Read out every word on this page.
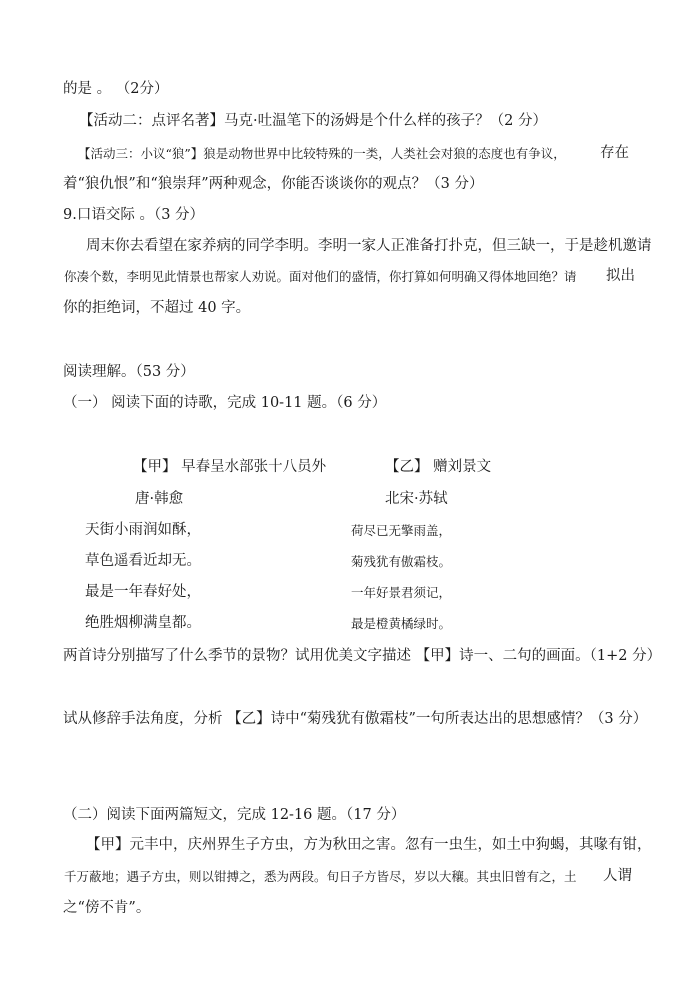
的是 。 （2分）
【活动二：点评名著】马克·吐温笔下的汤姆是个什么样的孩子？（2 分）
【活动三：小议“狼”】狼是动物世界中比较特殊的一类，人类社会对狼的态度也有争议， 存在
着“狼仇恨”和“狼崇拜”两种观念，你能否谈谈你的观点？（3 分）
9.口语交际 。（3 分）
周末你去看望在家养病的同学李明。李明一家人正准备打扑克，但三缺一，于是趁机邀请
你凑个数，李明见此情景也帮家人劝说。面对他们的盛情，你打算如何明确又得体地回绝？请 拟出
你的拒绝词，不超过 40 字。
阅读理解。（53 分）
（一） 阅读下面的诗歌，完成 10-11 题。（6 分）
【甲】 早春呈水部张十八员外	【乙】 赠刘景文
唐·韩愈	北宋·苏轼
天街小雨润如酥，	荷尽已无擎雨盖，
草色遥看近却无。	菊残犹有傲霜枝。
最是一年春好处，	一年好景君须记，
绝胜烟柳满皇都。	最是橙黄橘绿时。
两首诗分别描写了什么季节的景物？试用优美文字描述 【甲】诗一、二句的画面。（1+2 分）
试从修辞手法角度，分析 【乙】诗中“菊残犹有傲霜枝”一句所表达出的思想感情？（3 分）
（二）阅读下面两篇短文，完成 12-16 题。（17 分）
【甲】元丰中，庆州界生子方虫，方为秋田之害。忽有一虫生，如土中狗蝎，其喙有钳，
千万蔽地；遇子方虫，则以钳搏之，悉为两段。旬日子方皆尽，岁以大穰。其虫旧曾有之，土 人谓
之“傍不肯”。
